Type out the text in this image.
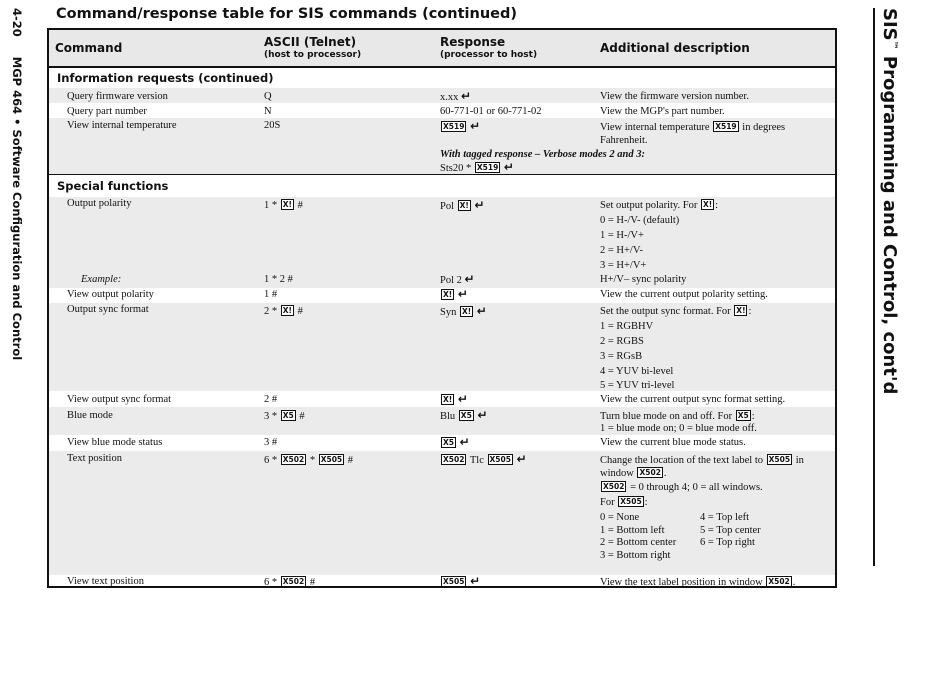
4-20MGP 464 • Software Configuration and Control
SIS™ Programming and Control, cont'd
Command/response table for SIS commands (continued)
Command	ASCII (Telnet)
(host to processor)
Response
(processor to host)	Additional description
Information requests (continued)
Query firmware version	Q	x.xx ↵	View the firmware version number.
Query part number	N	60-771-01 or 60-771-02	View the MGP's part number.
View internal temperature	20S	X519 ↵	View internal temperature X519 in degrees
Fahrenheit.
With tagged response – Verbose modes 2 and 3:
Sts20 * X519 ↵
Special functions
Output polarity	1 * X! #	Pol X! ↵	Set output polarity. For X! :
0 = H-/V- (default)
1 = H-/V+
2 = H+/V-
3 = H+/V+
Example:	1 * 2 #	Pol 2 ↵	H+/V– sync polarity
View output polarity	1 #	X! ↵	View the current output polarity setting.
Output sync format	2 * X! #	Syn X! ↵	Set the output sync format. For X! :
1 = RGBHV
2 = RGBS
3 = RGsB
4 = YUV bi-level
5 = YUV tri-level
View output sync format	2 #	X! ↵	View the current output sync format setting.
Blue mode	3 * X5 #	Blu X5 ↵	Turn blue mode on and off. For X5 :
1 = blue mode on; 0 = blue mode off.
View blue mode status	3 #	X5 ↵	View the current blue mode status.
Text position	6 * X502 * X505 #	X502 Tlc X505 ↵	Change the location of the text label to X505 in
window X502 .
X502 = 0 through 4; 0 = all windows.
For X505 :
0 = None
1 = Bottom left
2 = Bottom center
3 = Bottom right
4 = Top left
5 = Top center
6 = Top right
View text position	6 * X502 #	X505 ↵	View the text label position in window X502 .
